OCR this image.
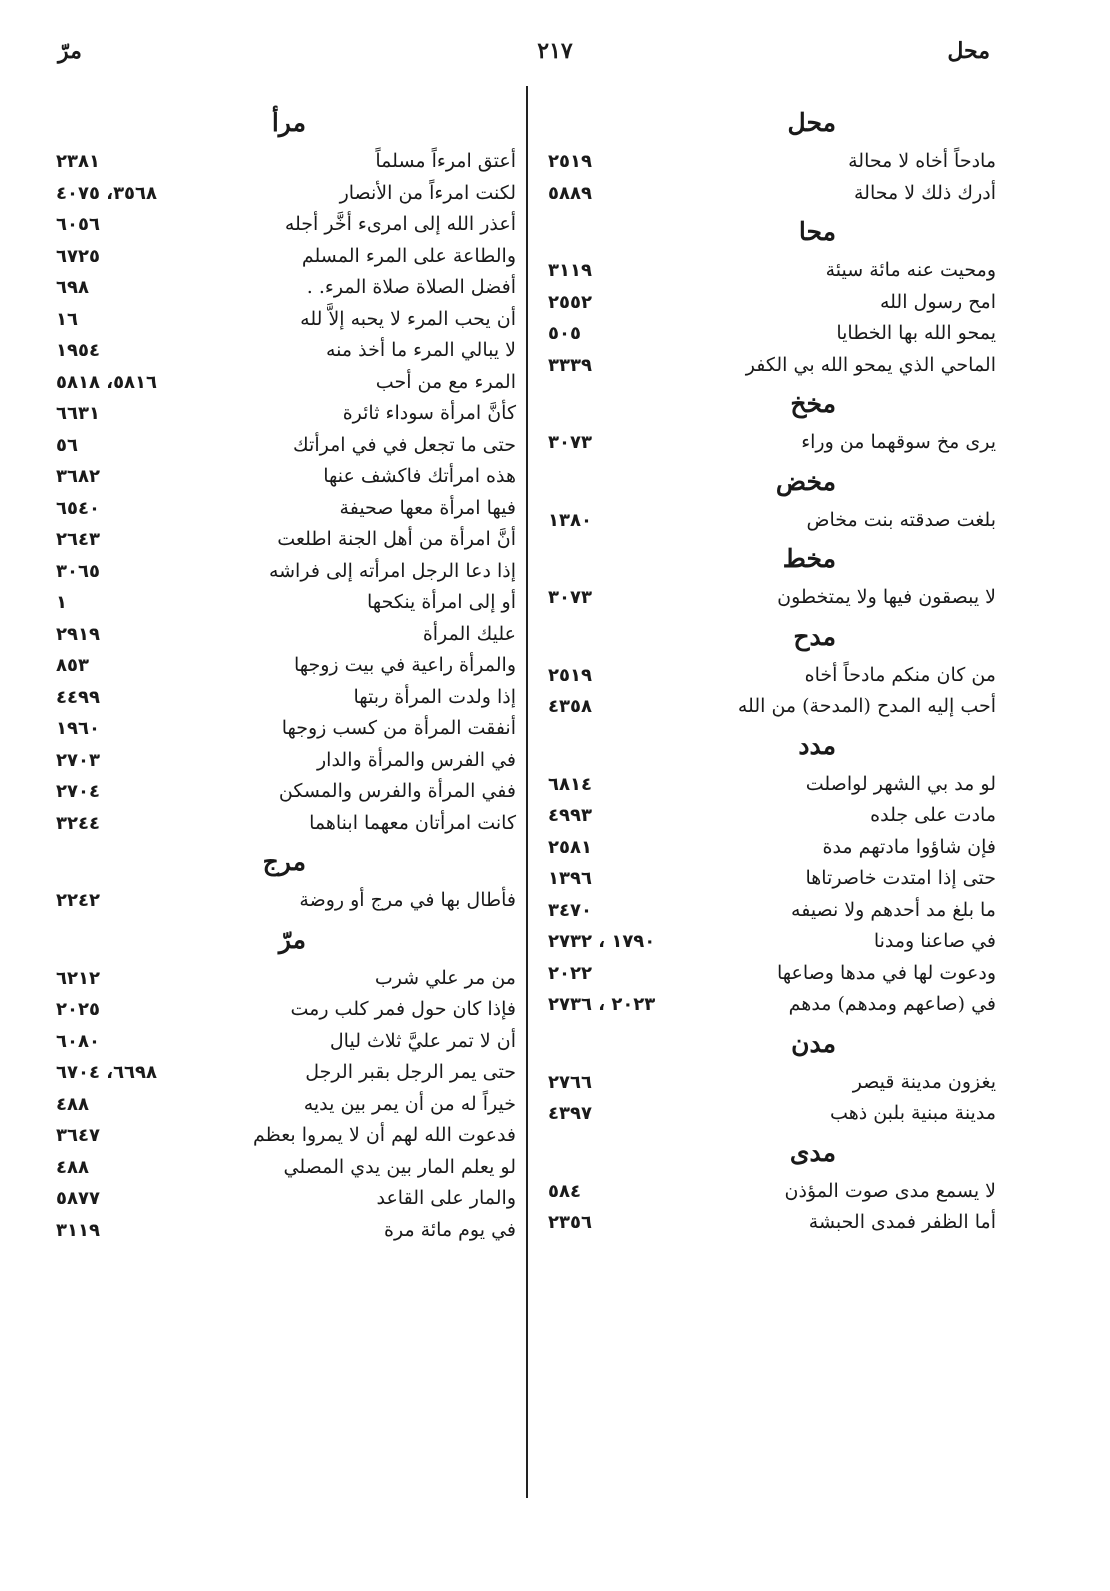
محل
٢١٧
مرّ
محل
مادحاً أخاه لا محالة
٢٥١٩
أدرك ذلك لا محالة
٥٨٨٩
محا
ومحيت عنه مائة سيئة
٣١١٩
امح رسول الله
٢٥٥٢
يمحو الله بها الخطايا
٥٠٥
الماحي الذي يمحو الله بي الكفر
٣٣٣٩
مخخ
يرى مخ سوقهما من وراء
٣٠٧٣
مخض
بلغت صدقته بنت مخاض
١٣٨٠
مخط
لا يبصقون فيها ولا يمتخطون
٣٠٧٣
مدح
من كان منكم مادحاً أخاه
٢٥١٩
أحب إليه المدح (المدحة) من الله
٤٣٥٨
مدد
لو مد بي الشهر لواصلت
٦٨١٤
مادت على جلده
٤٩٩٣
فإن شاؤوا مادتهم مدة
٢٥٨١
حتى إذا امتدت خاصرتاها
١٣٩٦
ما بلغ مد أحدهم ولا نصيفه
٣٤٧٠
في صاعنا ومدنا
١٧٩٠ ، ٢٧٣٢
ودعوت لها في مدها وصاعها
٢٠٢٢
في (صاعهم ومدهم) مدهم
٢٠٢٣ ، ٢٧٣٦
مدن
يغزون مدينة قيصر
٢٧٦٦
مدينة مبنية بلبن ذهب
٤٣٩٧
مدى
لا يسمع مدى صوت المؤذن
٥٨٤
أما الظفر فمدى الحبشة
٢٣٥٦
مرأ
أعتق امرءاً مسلماً
٢٣٨١
لكنت امرءاً من الأنصار
٣٥٦٨، ٤٠٧٥
أعذر الله إلى امرىء أخَّر أجله
٦٠٥٦
والطاعة على المرء المسلم
٦٧٢٥
أفضل الصلاة صلاة المرء. .
٦٩٨
أن يحب المرء لا يحبه إلاَّ لله
١٦
لا يبالي المرء ما أخذ منه
١٩٥٤
المرء مع من أحب
٥٨١٦، ٥٨١٨
كأنَّ امرأة سوداء ثائرة
٦٦٣١
حتى ما تجعل في في امرأتك
٥٦
هذه امرأتك فاكشف عنها
٣٦٨٢
فيها امرأة معها صحيفة
٦٥٤٠
أنَّ امرأة من أهل الجنة اطلعت
٢٦٤٣
إذا دعا الرجل امرأته إلى فراشه
٣٠٦٥
أو إلى امرأة ينكحها
١
عليك المرأة
٢٩١٩
والمرأة راعية في بيت زوجها
٨٥٣
إذا ولدت المرأة ربتها
٤٤٩٩
أنفقت المرأة من كسب زوجها
١٩٦٠
في الفرس والمرأة والدار
٢٧٠٣
ففي المرأة والفرس والمسكن
٢٧٠٤
كانت امرأتان معهما ابناهما
٣٢٤٤
مرج
فأطال بها في مرج أو روضة
٢٢٤٢
مرّ
من مر علي شرب
٦٢١٢
فإذا كان حول فمر كلب رمت
٢٠٢٥
أن لا تمر عليَّ ثلاث ليال
٦٠٨٠
حتى يمر الرجل بقبر الرجل
٦٦٩٨، ٦٧٠٤
خيراً له من أن يمر بين يديه
٤٨٨
فدعوت الله لهم أن لا يمروا بعظم
٣٦٤٧
لو يعلم المار بين يدي المصلي
٤٨٨
والمار على القاعد
٥٨٧٧
في يوم مائة مرة
٣١١٩
